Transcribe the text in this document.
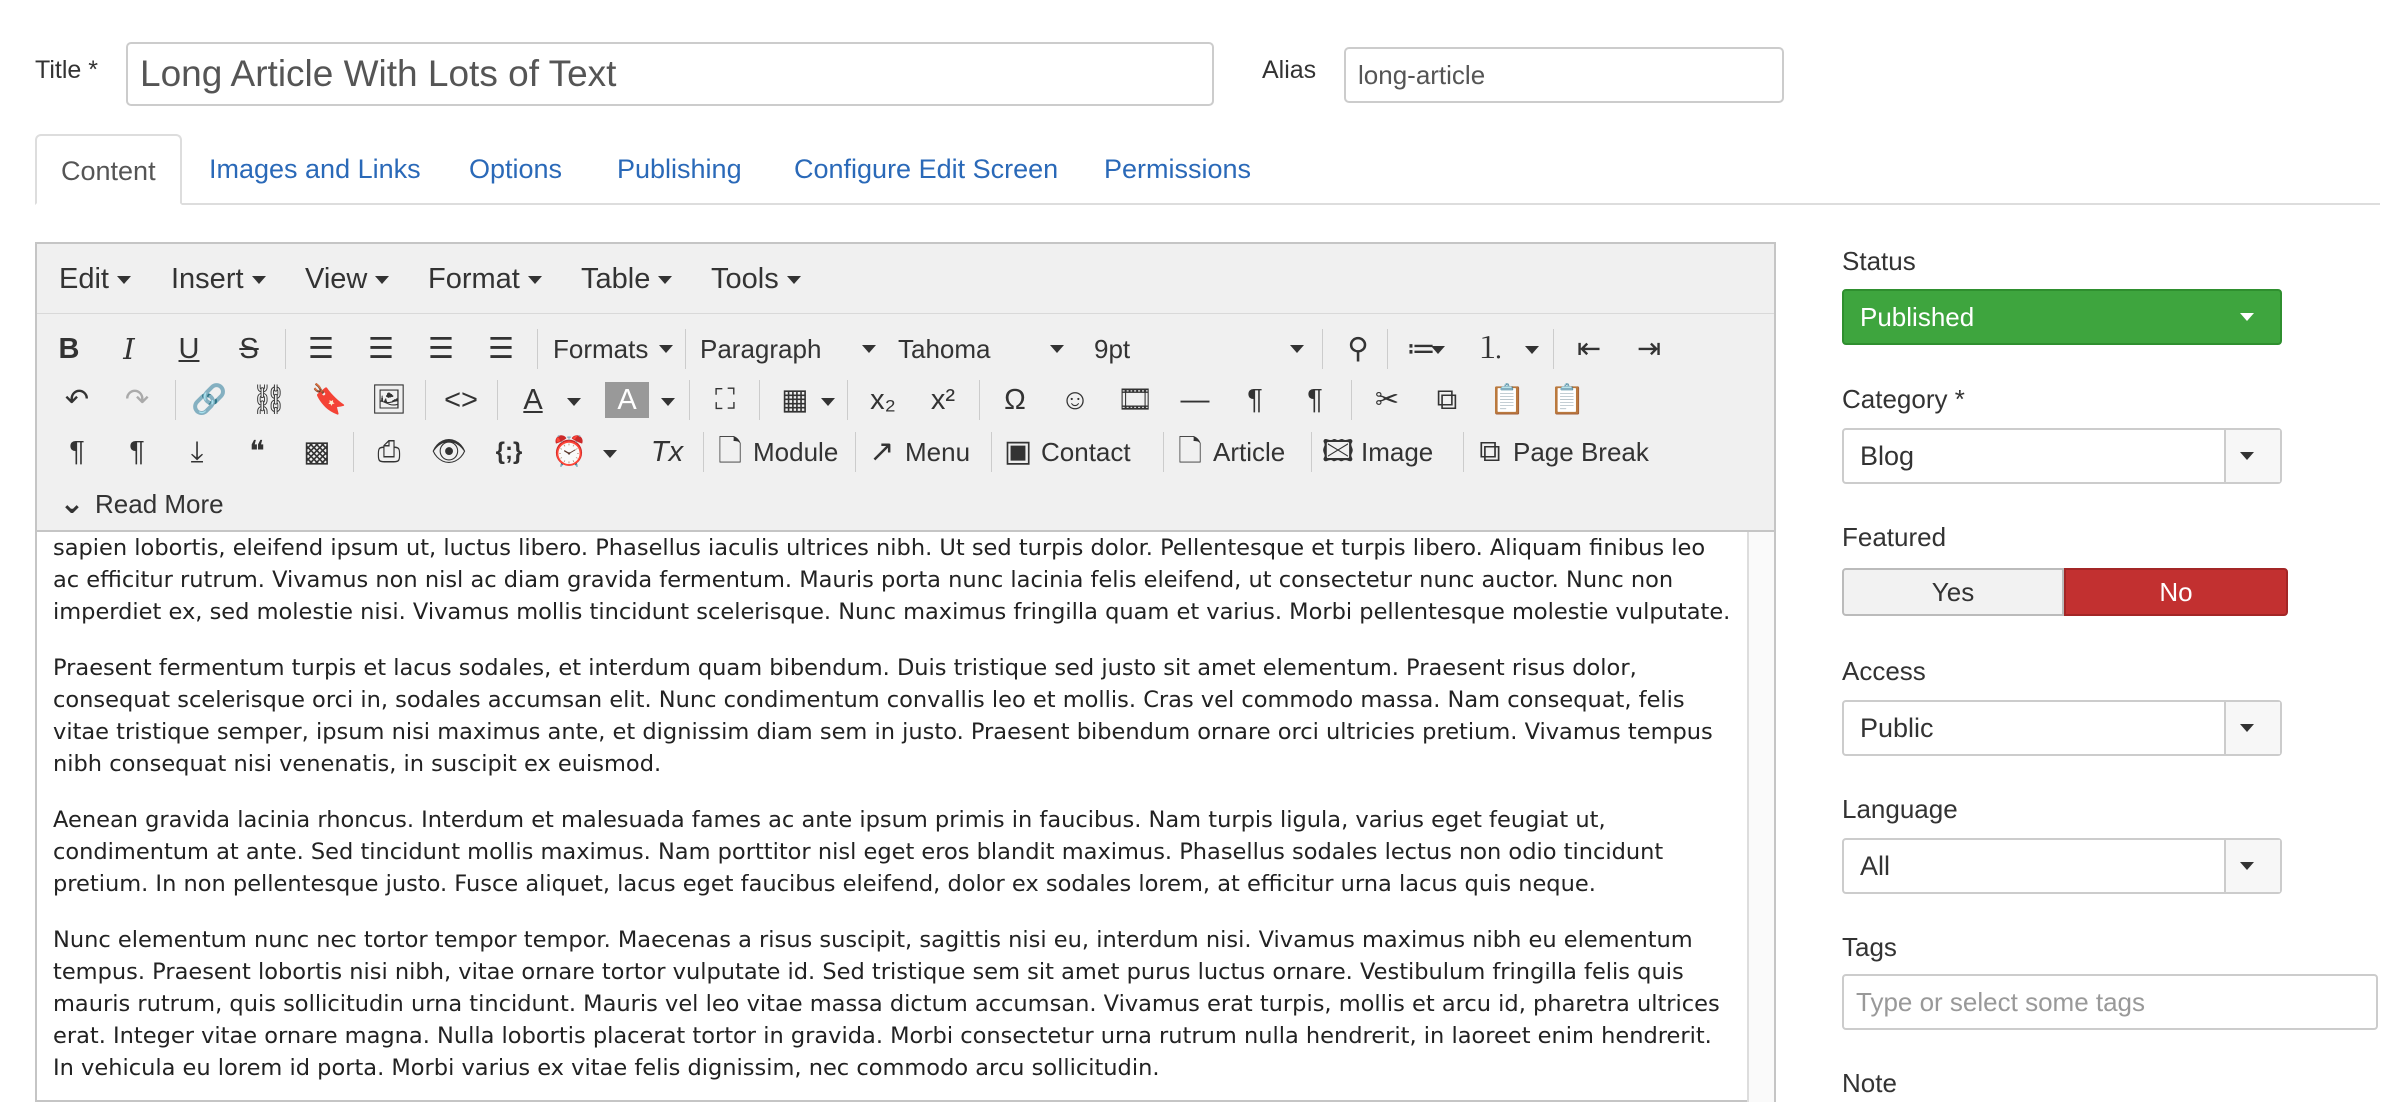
Title *	Long Article With Lots of Text	Alias	long-article
Content	Images and Links Options Publishing Configure Edit Screen Permissions
Edit	Insert	View	Format	Table	Tools
B	I	U	S	☰	☰	☰	☰	Formats	Paragraph	Tahoma	9pt	⚲	≔ ⒈	⇤	⇥
↶	↷	🔗 ⛓ 🔖 🖼 <>	A	A	⛶	▦	x₂	x²	Ω	☺ 🎞 —	¶	¶	✂	⧉	📋 📋
¶	¶	⤓	❝	▩	⎙	👁	{;} ⏰ Tx 🗋 Module ↗ Menu ▣ Contact 🗋 Article 🖾 Image ⧉ Page Break
⌄ Read More

sapien lobortis, eleifend ipsum ut, luctus libero. Phasellus iaculis ultrices nibh. Ut sed turpis dolor. Pellentesque et turpis libero. Aliquam finibus leo ac efficitur rutrum. Vivamus non nisl ac diam gravida fermentum. Mauris porta nunc lacinia felis eleifend, ut consectetur nunc auctor. Nunc non imperdiet ex, sed molestie nisi. Vivamus mollis tincidunt scelerisque. Nunc maximus fringilla quam et varius. Morbi pellentesque molestie vulputate.

Praesent fermentum turpis et lacus sodales, et interdum quam bibendum. Duis tristique sed justo sit amet elementum. Praesent risus dolor, consequat scelerisque orci in, sodales accumsan elit. Nunc condimentum convallis leo et mollis. Cras vel commodo massa. Nam consequat, felis vitae tristique semper, ipsum nisi maximus ante, et dignissim diam sem in justo. Praesent bibendum ornare orci ultricies pretium. Vivamus tempus nibh consequat nisi venenatis, in suscipit ex euismod.

Aenean gravida lacinia rhoncus. Interdum et malesuada fames ac ante ipsum primis in faucibus. Nam turpis ligula, varius eget feugiat ut, condimentum at ante. Sed tincidunt mollis maximus. Nam porttitor nisl eget eros blandit maximus. Phasellus sodales lectus non odio tincidunt pretium. In non pellentesque justo. Fusce aliquet, lacus eget faucibus eleifend, dolor ex sodales lorem, at efficitur urna lacus quis neque.

Nunc elementum nunc nec tortor tempor tempor. Maecenas a risus suscipit, sagittis nisi eu, interdum nisi. Vivamus maximus nibh eu elementum tempus. Praesent lobortis nisi nibh, vitae ornare tortor vulputate id. Sed tristique sem sit amet purus luctus ornare. Vestibulum fringilla felis quis mauris rutrum, quis sollicitudin urna tincidunt. Mauris vel leo vitae massa dictum accumsan. Vivamus erat turpis, mollis et arcu id, pharetra ultrices erat. Integer vitae ornare magna. Nulla lobortis placerat tortor in gravida. Morbi consectetur urna rutrum nulla hendrerit, in laoreet enim hendrerit. In vehicula eu lorem id porta. Morbi varius ex vitae felis dignissim, nec commodo arcu sollicitudin.

Status
Published
Category *
Blog
Featured
Yes	No
Access
Public
Language
All
Tags
Type or select some tags
Note
